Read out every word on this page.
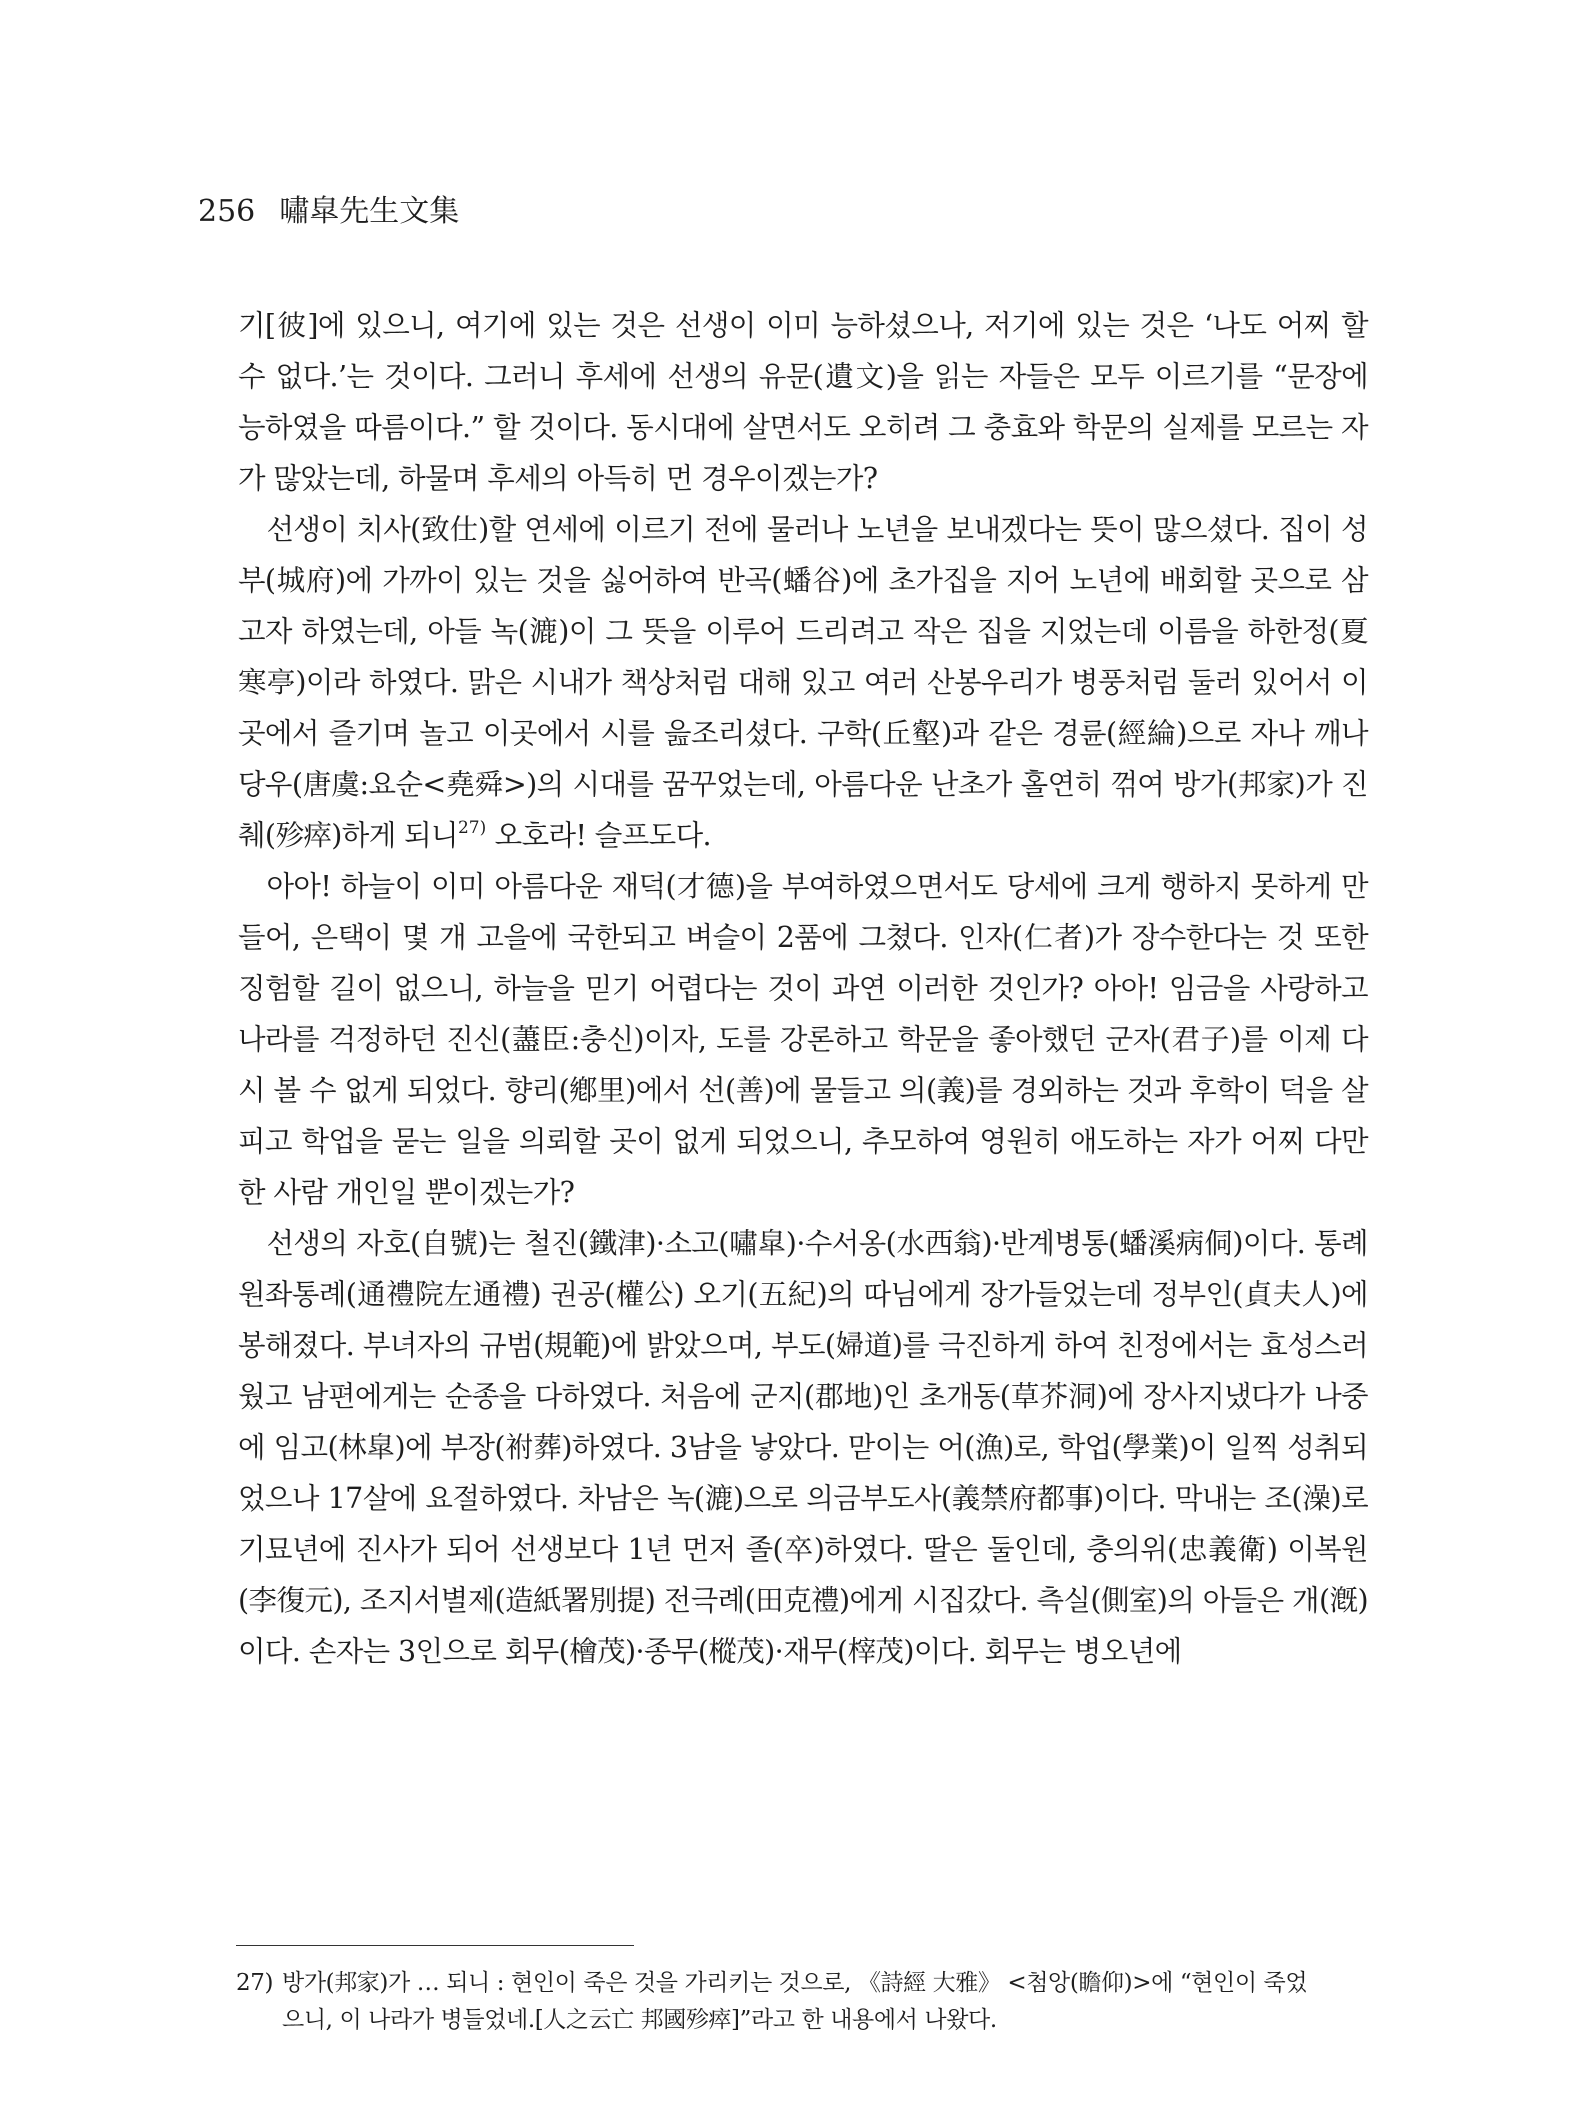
256 嘯皐先生文集

기[彼]에 있으니, 여기에 있는 것은 선생이 이미 능하셨으나, 저기에 있는 것은 ‘나도 어찌 할 수 없다.’는 것이다. 그러니 후세에 선생의 유문(遺文)을 읽는 자들은 모두 이르기를 “문장에 능하였을 따름이다.” 할 것이다. 동시대에 살면서도 오히려 그 충효와 학문의 실제를 모르는 자가 많았는데, 하물며 후세의 아득히 먼 경우이겠는가?

선생이 치사(致仕)할 연세에 이르기 전에 물러나 노년을 보내겠다는 뜻이 많으셨다. 집이 성부(城府)에 가까이 있는 것을 싫어하여 반곡(蟠谷)에 초가집을 지어 노년에 배회할 곳으로 삼고자 하였는데, 아들 녹(漉)이 그 뜻을 이루어 드리려고 작은 집을 지었는데 이름을 하한정(夏寒亭)이라 하였다. 맑은 시내가 책상처럼 대해 있고 여러 산봉우리가 병풍처럼 둘러 있어서 이곳에서 즐기며 놀고 이곳에서 시를 읊조리셨다. 구학(丘壑)과 같은 경륜(經綸)으로 자나 깨나 당우(唐虞:요순<堯舜>)의 시대를 꿈꾸었는데, 아름다운 난초가 홀연히 꺾여 방가(邦家)가 진췌(殄瘁)하게 되니$^{27)}$ 오호라! 슬프도다.

아아! 하늘이 이미 아름다운 재덕(才德)을 부여하였으면서도 당세에 크게 행하지 못하게 만들어, 은택이 몇 개 고을에 국한되고 벼슬이 2품에 그쳤다. 인자(仁者)가 장수한다는 것 또한 징험할 길이 없으니, 하늘을 믿기 어렵다는 것이 과연 이러한 것인가? 아아! 임금을 사랑하고 나라를 걱정하던 진신(藎臣:충신)이자, 도를 강론하고 학문을 좋아했던 군자(君子)를 이제 다시 볼 수 없게 되었다. 향리(鄕里)에서 선(善)에 물들고 의(義)를 경외하는 것과 후학이 덕을 살피고 학업을 묻는 일을 의뢰할 곳이 없게 되었으니, 추모하여 영원히 애도하는 자가 어찌 다만 한 사람 개인일 뿐이겠는가?

선생의 자호(自號)는 철진(鐵津)·소고(嘯皐)·수서옹(水西翁)·반계병통(蟠溪病侗)이다. 통례원좌통례(通禮院左通禮) 권공(權公) 오기(五紀)의 따님에게 장가들었는데 정부인(貞夫人)에 봉해졌다. 부녀자의 규범(規範)에 밝았으며, 부도(婦道)를 극진하게 하여 친정에서는 효성스러웠고 남편에게는 순종을 다하였다. 처음에 군지(郡地)인 초개동(草芥洞)에 장사지냈다가 나중에 임고(林皐)에 부장(祔葬)하였다. 3남을 낳았다. 맏이는 어(漁)로, 학업(學業)이 일찍 성취되었으나 17살에 요절하였다. 차남은 녹(漉)으로 의금부도사(義禁府都事)이다. 막내는 조(澡)로 기묘년에 진사가 되어 선생보다 1년 먼저 졸(卒)하였다. 딸은 둘인데, 충의위(忠義衛) 이복원(李復元), 조지서별제(造紙署別提) 전극례(田克禮)에게 시집갔다. 측실(側室)의 아들은 개(漑)이다. 손자는 3인으로 회무(檜茂)·종무(樅茂)·재무(榟茂)이다. 회무는 병오년에

27) 방가(邦家)가 … 되니 : 현인이 죽은 것을 가리키는 것으로, 《詩經 大雅》 <첨앙(瞻仰)>에 “현인이 죽었
으니, 이 나라가 병들었네.[人之云亡 邦國殄瘁]”라고 한 내용에서 나왔다.
